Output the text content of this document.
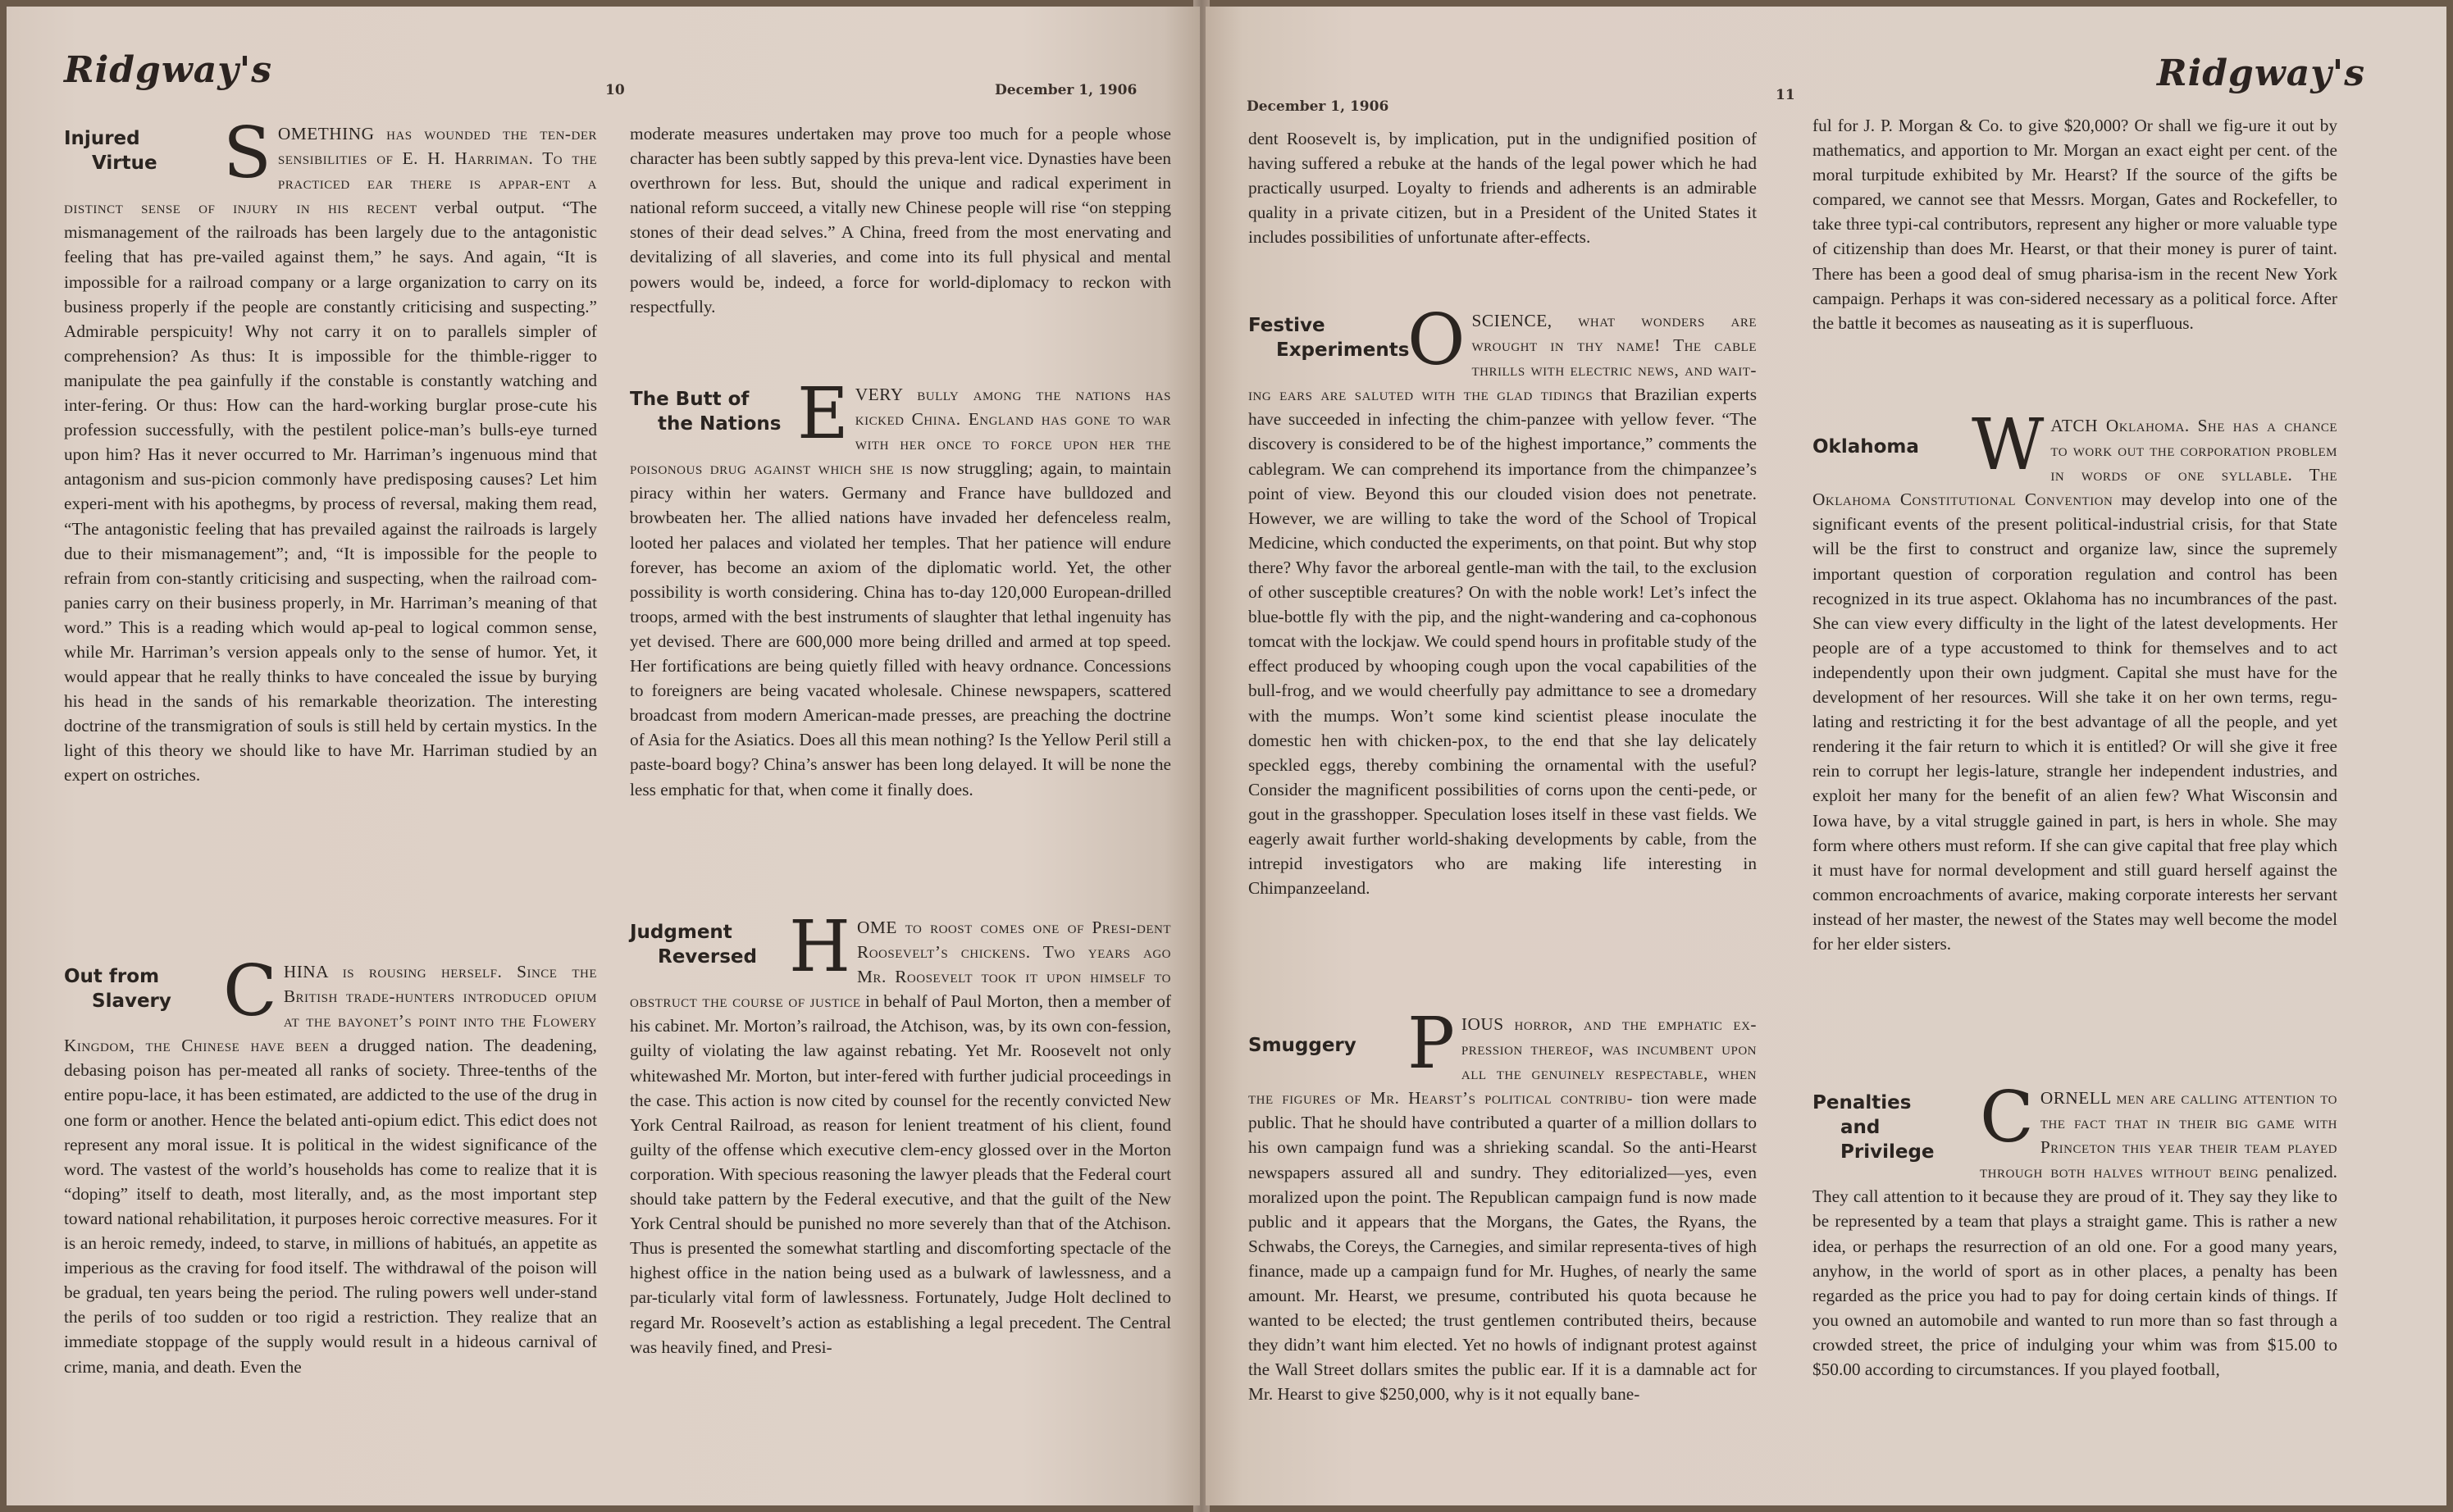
Ridgway's	10	December 1, 1906
Injured
Virtue S OMETHING has wounded the ten-der sensibilities of E. H. Harriman. To the practiced ear there is appar-ent a distinct sense of injury in his recent verbal output. “The mismanagement of the railroads has been largely due to the antagonistic feeling that has pre-vailed against them,” he says. And again, “It is impossible for a railroad company or a large organization to carry on its business properly if the people are constantly criticising and suspecting.” Admirable perspicuity! Why not carry it on to parallels simpler of comprehension? As thus: It is impossible for the thimble-rigger to manipulate the pea gainfully if the constable is constantly watching and inter-fering. Or thus: How can the hard-working burglar prose-cute his profession successfully, with the pestilent police-man’s bulls-eye turned upon him? Has it never occurred to Mr. Harriman’s ingenuous mind that antagonism and sus-picion commonly have predisposing causes? Let him experi-ment with his apothegms, by process of reversal, making them read, “The antagonistic feeling that has prevailed against the railroads is largely due to their mismanagement”; and, “It is impossible for the people to refrain from con-stantly criticising and suspecting, when the railroad com-panies carry on their business properly, in Mr. Harriman’s meaning of that word.” This is a reading which would ap-peal to logical common sense, while Mr. Harriman’s version appeals only to the sense of humor. Yet, it would appear that he really thinks to have concealed the issue by burying his head in the sands of his remarkable theorization. The interesting doctrine of the transmigration of souls is still held by certain mystics. In the light of this theory we should like to have Mr. Harriman studied by an expert on ostriches.

Out from
Slavery C HINA is rousing herself. Since the British trade-hunters introduced opium at the bayonet’s point into the Flowery Kingdom, the Chinese have been a drugged nation. The deadening, debasing poison has per-meated all ranks of society. Three-tenths of the entire popu-lace, it has been estimated, are addicted to the use of the drug in one form or another. Hence the belated anti-opium edict. This edict does not represent any moral issue. It is political in the widest significance of the word. The vastest of the world’s households has come to realize that it is “doping” itself to death, most literally, and, as the most important step toward national rehabilitation, it purposes heroic corrective measures. For it is an heroic remedy, indeed, to starve, in millions of habitués, an appetite as imperious as the craving for food itself. The withdrawal of the poison will be gradual, ten years being the period. The ruling powers well under-stand the perils of too sudden or too rigid a restriction. They realize that an immediate stoppage of the supply would result in a hideous carnival of crime, mania, and death. Even the

moderate measures undertaken may prove too much for a people whose character has been subtly sapped by this preva-lent vice. Dynasties have been overthrown for less. But, should the unique and radical experiment in national reform succeed, a vitally new Chinese people will rise “on stepping stones of their dead selves.” A China, freed from the most enervating and devitalizing of all slaveries, and come into its full physical and mental powers would be, indeed, a force for world-diplomacy to reckon with respectfully.

The Butt of
the Nations E VERY bully among the nations has kicked China. England has gone to war with her once to force upon her the poisonous drug against which she is now struggling; again, to maintain piracy within her waters. Germany and France have bulldozed and browbeaten her. The allied nations have invaded her defenceless realm, looted her palaces and violated her temples. That her patience will endure forever, has become an axiom of the diplomatic world. Yet, the other possibility is worth considering. China has to-day 120,000 European-drilled troops, armed with the best instruments of slaughter that lethal ingenuity has yet devised. There are 600,000 more being drilled and armed at top speed. Her fortifications are being quietly filled with heavy ordnance. Concessions to foreigners are being vacated wholesale. Chinese newspapers, scattered broadcast from modern American-made presses, are preaching the doctrine of Asia for the Asiatics. Does all this mean nothing? Is the Yellow Peril still a paste-board bogy? China’s answer has been long delayed. It will be none the less emphatic for that, when come it finally does.

Judgment
Reversed H OME to roost comes one of Presi-dent Roosevelt’s chickens. Two years ago Mr. Roosevelt took it upon himself to obstruct the course of justice in behalf of Paul Morton, then a member of his cabinet. Mr. Morton’s railroad, the Atchison, was, by its own con-fession, guilty of violating the law against rebating. Yet Mr. Roosevelt not only whitewashed Mr. Morton, but inter-fered with further judicial proceedings in the case. This action is now cited by counsel for the recently convicted New York Central Railroad, as reason for lenient treatment of his client, found guilty of the offense which executive clem-ency glossed over in the Morton corporation. With specious reasoning the lawyer pleads that the Federal court should take pattern by the Federal executive, and that the guilt of the New York Central should be punished no more severely than that of the Atchison. Thus is presented the somewhat startling and discomforting spectacle of the highest office in the nation being used as a bulwark of lawlessness, and a par-ticularly vital form of lawlessness. Fortunately, Judge Holt declined to regard Mr. Roosevelt’s action as establishing a legal precedent. The Central was heavily fined, and Presi-

December 1, 1906
11
Ridgway's

dent Roosevelt is, by implication, put in the undignified position of having suffered a rebuke at the hands of the legal power which he had practically usurped. Loyalty to friends and adherents is an admirable quality in a private citizen, but in a President of the United States it includes possibilities of unfortunate after-effects.

Festive
Experiments
O SCIENCE, what wonders are wrought in thy name! The cable thrills with electric news, and wait-ing ears are saluted with the glad tidings that Brazilian experts have succeeded in infecting the chim-panzee with yellow fever. “The discovery is considered to be of the highest importance,” comments the cablegram. We can comprehend its importance from the chimpanzee’s point of view. Beyond this our clouded vision does not penetrate. However, we are willing to take the word of the School of Tropical Medicine, which conducted the experiments, on that point. But why stop there? Why favor the arboreal gentle-man with the tail, to the exclusion of other susceptible creatures? On with the noble work! Let’s infect the blue-bottle fly with the pip, and the night-wandering and ca-cophonous tomcat with the lockjaw. We could spend hours in profitable study of the effect produced by whooping cough upon the vocal capabilities of the bull-frog, and we would cheerfully pay admittance to see a dromedary with the mumps. Won’t some kind scientist please inoculate the domestic hen with chicken-pox, to the end that she lay delicately speckled eggs, thereby combining the ornamental with the useful? Consider the magnificent possibilities of corns upon the centi-pede, or gout in the grasshopper. Speculation loses itself in these vast fields. We eagerly await further world-shaking developments by cable, from the intrepid investigators who are making life interesting in Chimpanzeeland.

Smuggery P IOUS horror, and the emphatic ex-pression thereof, was incumbent upon all the genuinely respectable, when the figures of Mr. Hearst’s political contribu- tion were made public. That he should have contributed a quarter of a million dollars to his own campaign fund was a shrieking scandal. So the anti-Hearst newspapers assured all and sundry. They editorialized—yes, even moralized upon the point. The Republican campaign fund is now made public and it appears that the Morgans, the Gates, the Ryans, the Schwabs, the Coreys, the Carnegies, and similar representa-tives of high finance, made up a campaign fund for Mr. Hughes, of nearly the same amount. Mr. Hearst, we presume, contributed his quota because he wanted to be elected; the trust gentlemen contributed theirs, because they didn’t want him elected. Yet no howls of indignant protest against the Wall Street dollars smites the public ear. If it is a damnable act for Mr. Hearst to give $250,000, why is it not equally bane-

ful for J. P. Morgan & Co. to give $20,000? Or shall we fig-ure it out by mathematics, and apportion to Mr. Morgan an exact eight per cent. of the moral turpitude exhibited by Mr. Hearst? If the source of the gifts be compared, we cannot see that Messrs. Morgan, Gates and Rockefeller, to take three typi-cal contributors, represent any higher or more valuable type of citizenship than does Mr. Hearst, or that their money is purer of taint. There has been a good deal of smug pharisa-ism in the recent New York campaign. Perhaps it was con-sidered necessary as a political force. After the battle it becomes as nauseating as it is superfluous.

Oklahoma W ATCH Oklahoma. She has a chance to work out the corporation problem in words of one syllable. The Oklahoma Constitutional Convention may develop into one of the significant events of the present political-industrial crisis, for that State will be the first to construct and organize law, since the supremely important question of corporation regulation and control has been recognized in its true aspect. Oklahoma has no incumbrances of the past. She can view every difficulty in the light of the latest developments. Her people are of a type accustomed to think for themselves and to act independently upon their own judgment. Capital she must have for the development of her resources. Will she take it on her own terms, regu-lating and restricting it for the best advantage of all the people, and yet rendering it the fair return to which it is entitled? Or will she give it free rein to corrupt her legis-lature, strangle her independent industries, and exploit her many for the benefit of an alien few? What Wisconsin and Iowa have, by a vital struggle gained in part, is hers in whole. She may form where others must reform. If she can give capital that free play which it must have for normal development and still guard herself against the common encroachments of avarice, making corporate interests her servant instead of her master, the newest of the States may well become the model for her elder sisters.

Penalties
and Privilege C ORNELL men are calling attention to the fact that in their big game with Princeton this year their team played through both halves without being penalized. They call attention to it because they are proud of it. They say they like to be represented by a team that plays a straight game. This is rather a new idea, or perhaps the resurrection of an old one. For a good many years, anyhow, in the world of sport as in other places, a penalty has been regarded as the price you had to pay for doing certain kinds of things. If you owned an automobile and wanted to run more than so fast through a crowded street, the price of indulging your whim was from $15.00 to $50.00 according to circumstances. If you played football,
